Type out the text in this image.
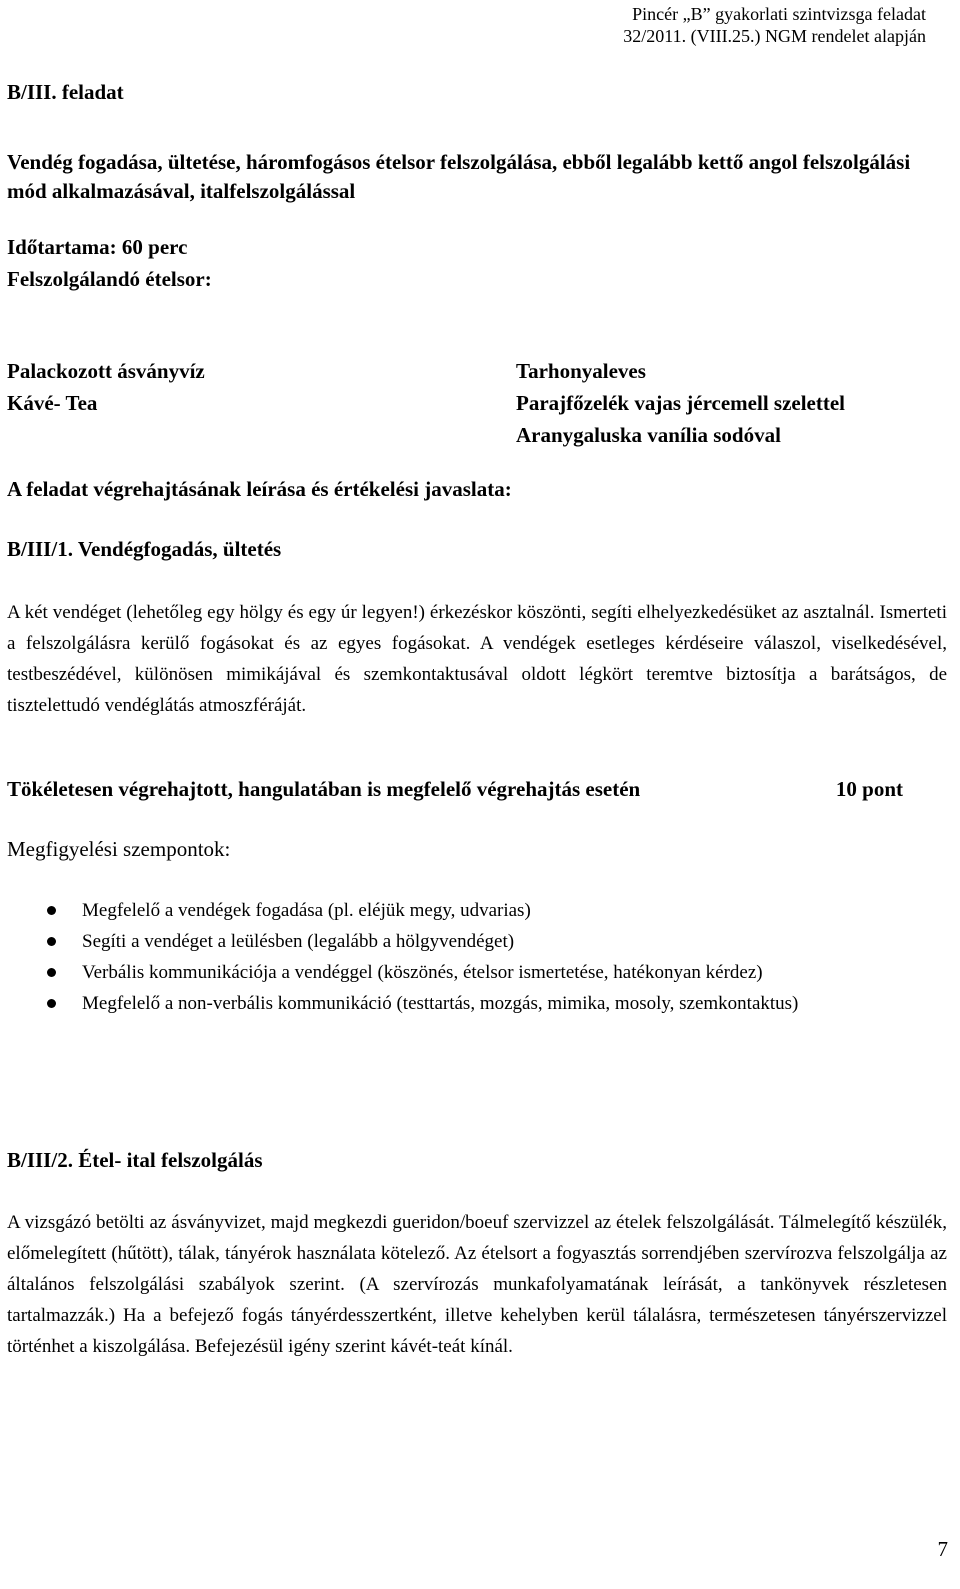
Pincér „B” gyakorlati szintvizsga feladat
32/2011. (VIII.25.) NGM rendelet alapján
B/III. feladat
Vendég fogadása, ültetése, háromfogásos ételsor felszolgálása, ebből legalább kettő angol felszolgálási mód alkalmazásával, italfelszolgálással
Időtartama: 60 perc
Felszolgálandó ételsor:
Palackozott ásványvíz
Kávé- Tea
Tarhonyaleves
Parajfőzelék vajas jércemell szelettel
Aranygaluska vanília sodóval
A feladat végrehajtásának leírása és értékelési javaslata:
B/III/1. Vendégfogadás, ültetés
A két vendéget (lehetőleg egy hölgy és egy úr legyen!) érkezéskor köszönti, segíti elhelyezkedésüket az asztalnál. Ismerteti a felszolgálásra kerülő fogásokat és az egyes fogásokat. A vendégek esetleges kérdéseire válaszol, viselkedésével, testbeszédével, különösen mimikájával és szemkontaktusával oldott légkört teremtve biztosítja a barátságos, de tisztelettudó vendéglátás atmoszféráját.
Tökéletesen végrehajtott, hangulatában is megfelelő végrehajtás esetén	10 pont
Megfigyelési szempontok:
Megfelelő a vendégek fogadása (pl. eléjük megy, udvarias)
Segíti a vendéget a leülésben (legalább a hölgyvendéget)
Verbális kommunikációja a vendéggel (köszönés, ételsor ismertetése, hatékonyan kérdez)
Megfelelő a non-verbális kommunikáció (testtartás, mozgás, mimika, mosoly, szemkontaktus)
B/III/2. Étel- ital felszolgálás
A vizsgázó betölti az ásványvizet, majd megkezdi gueridon/boeuf szervizzel az ételek felszolgálását. Tálmelegítő készülék, előmelegített (hűtött), tálak, tányérok használata kötelező. Az ételsort a fogyasztás sorrendjében szervírozva felszolgálja az általános felszolgálási szabályok szerint. (A szervírozás munkafolyamatának leírását, a tankönyvek részletesen tartalmazzák.) Ha a befejező fogás tányérdesszertként, illetve kehelyben kerül tálalásra, természetesen tányérszervizzel történhet a kiszolgálása. Befejezésül igény szerint kávét-teát kínál.
7
